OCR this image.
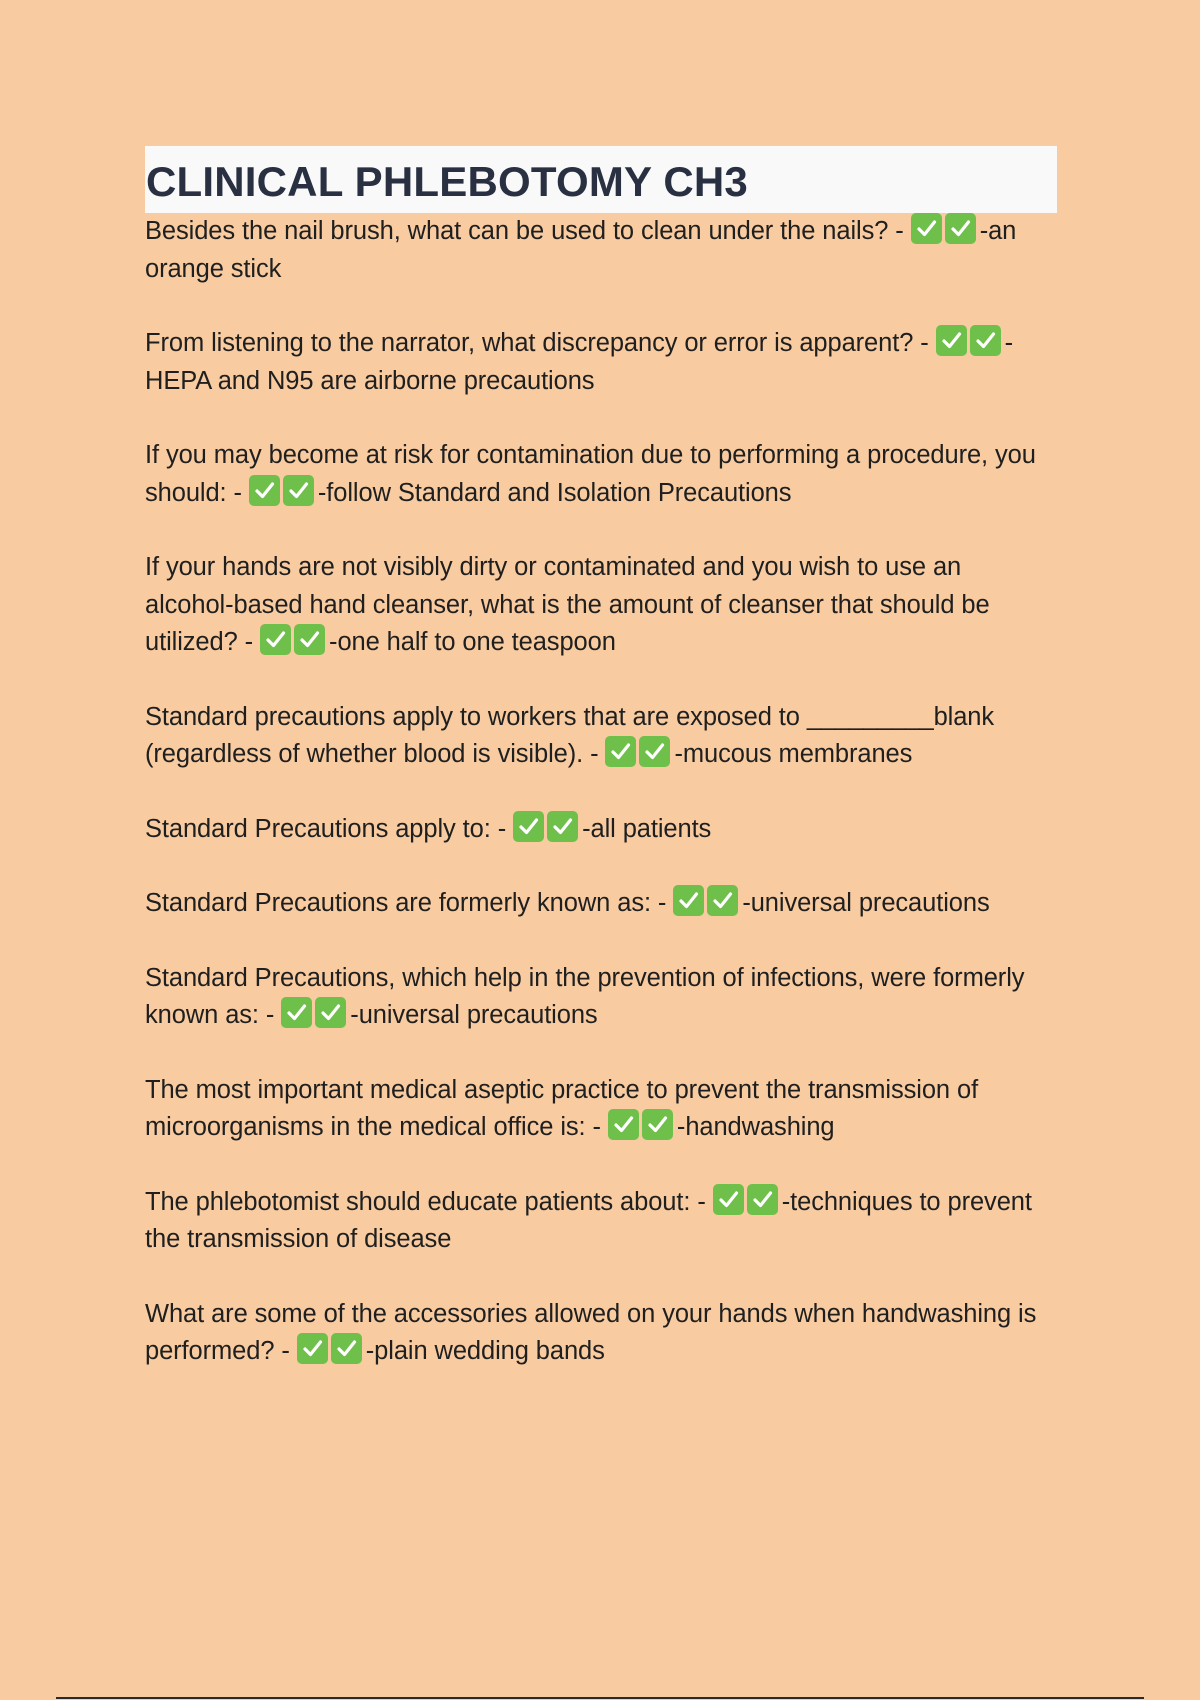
CLINICAL PHLEBOTOMY CH3
Besides the nail brush, what can be used to clean under the nails? -	-an orange stick
From listening to the narrator, what discrepancy or error is apparent? -	-HEPA and N95 are airborne precautions
If you may become at risk for contamination due to performing a procedure, you should: -	-follow Standard and Isolation Precautions
If your hands are not visibly dirty or contaminated and you wish to use an alcohol-based hand cleanser, what is the amount of cleanser that should be utilized? -	-one half to one teaspoon
Standard precautions apply to workers that are exposed to _________blank (regardless of whether blood is visible). -	-mucous membranes
Standard Precautions apply to: -	-all patients
Standard Precautions are formerly known as: -	-universal precautions
Standard Precautions, which help in the prevention of infections, were formerly known as: -	-universal precautions
The most important medical aseptic practice to prevent the transmission of microorganisms in the medical office is: -	-handwashing
The phlebotomist should educate patients about: -	-techniques to prevent the transmission of disease
What are some of the accessories allowed on your hands when handwashing is performed? -	-plain wedding bands
